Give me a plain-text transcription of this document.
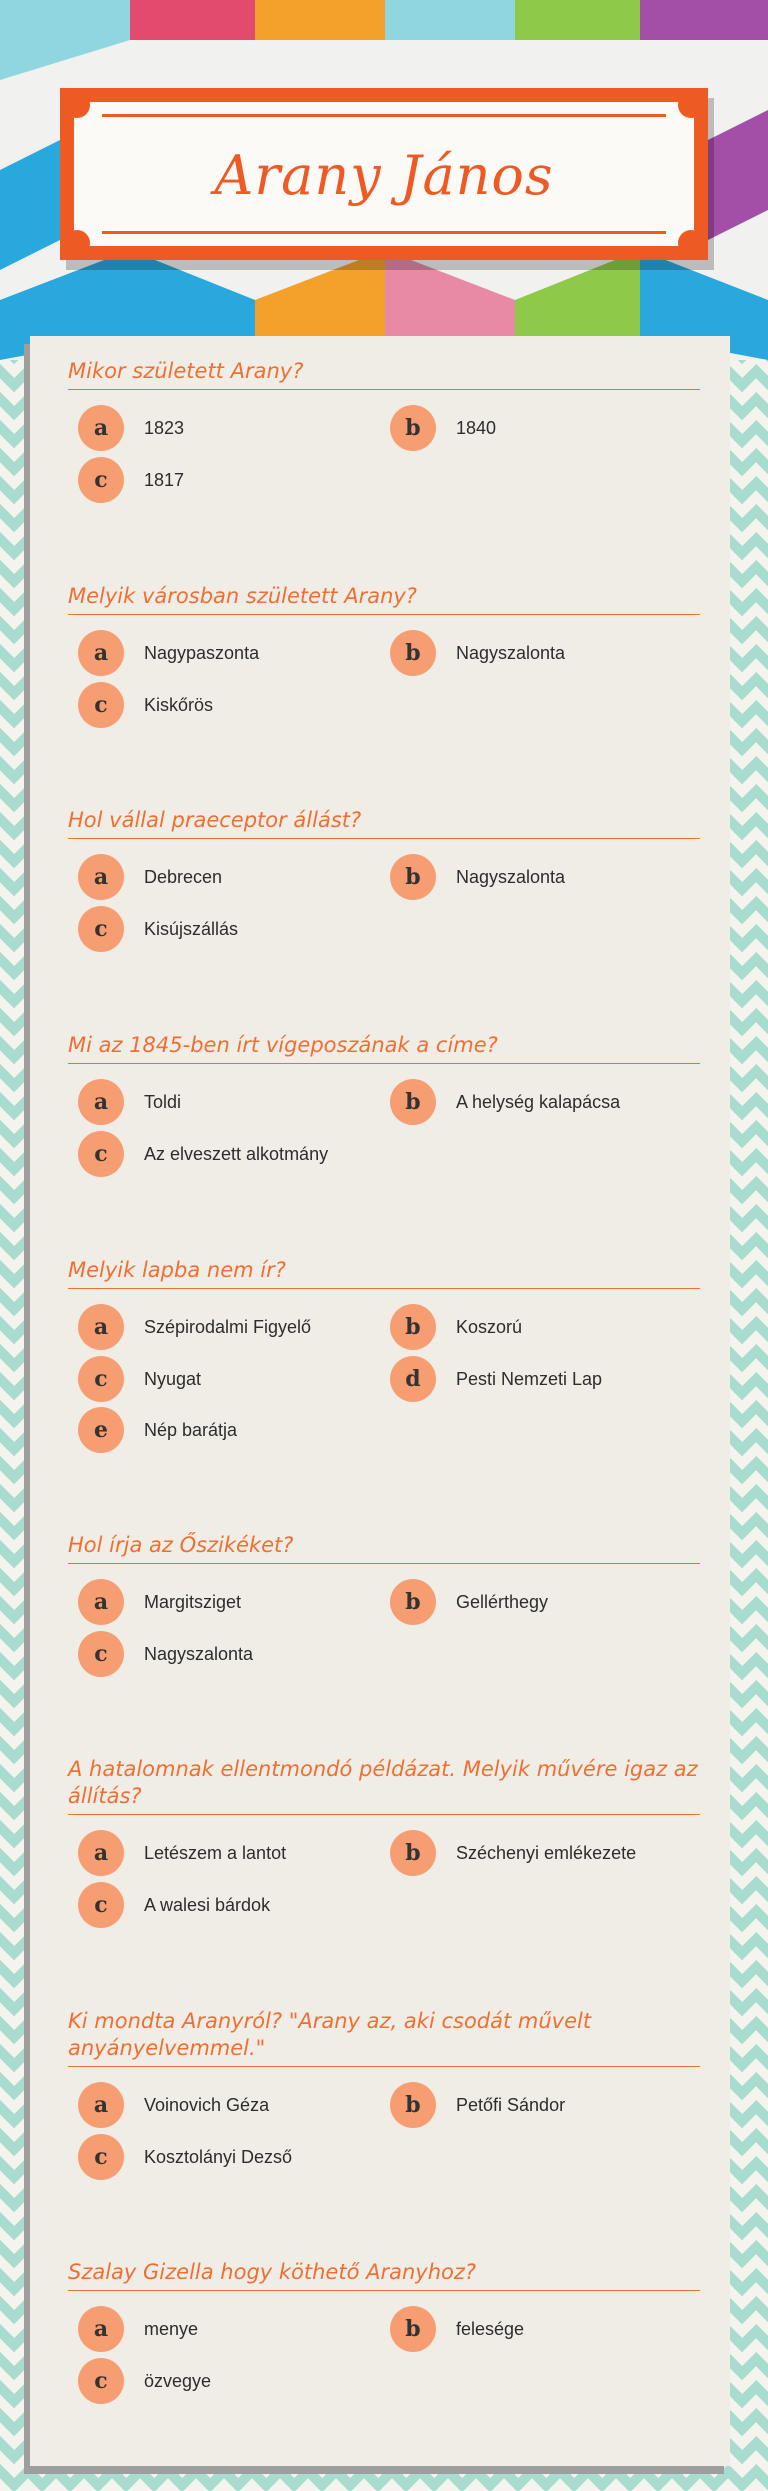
Arany János
Mikor született Arany?
a	1823	b	1840
c	1817
Melyik városban született Arany?
a	Nagypaszonta	b	Nagyszalonta
c	Kiskőrös
Hol vállal praeceptor állást?
a	Debrecen	b	Nagyszalonta
c	Kisújszállás
Mi az 1845-ben írt vígeposzának a címe?
a	Toldi	b	A helység kalapácsa
c	Az elveszett alkotmány
Melyik lapba nem ír?
a	Szépirodalmi Figyelő	b	Koszorú
c	Nyugat	d	Pesti Nemzeti Lap
e	Nép barátja
Hol írja az Őszikéket?
a	Margitsziget	b	Gellérthegy
c	Nagyszalonta
A hatalomnak ellentmondó példázat. Melyik művére igaz az állítás?
a	Letészem a lantot	b	Széchenyi emlékezete
c	A walesi bárdok
Ki mondta Aranyról? "Arany az, aki csodát művelt anyányelvemmel."
a	Voinovich Géza	b	Petőfi Sándor
c	Kosztolányi Dezső
Szalay Gizella hogy köthető Aranyhoz?
a	menye	b	felesége
c	özvegye
